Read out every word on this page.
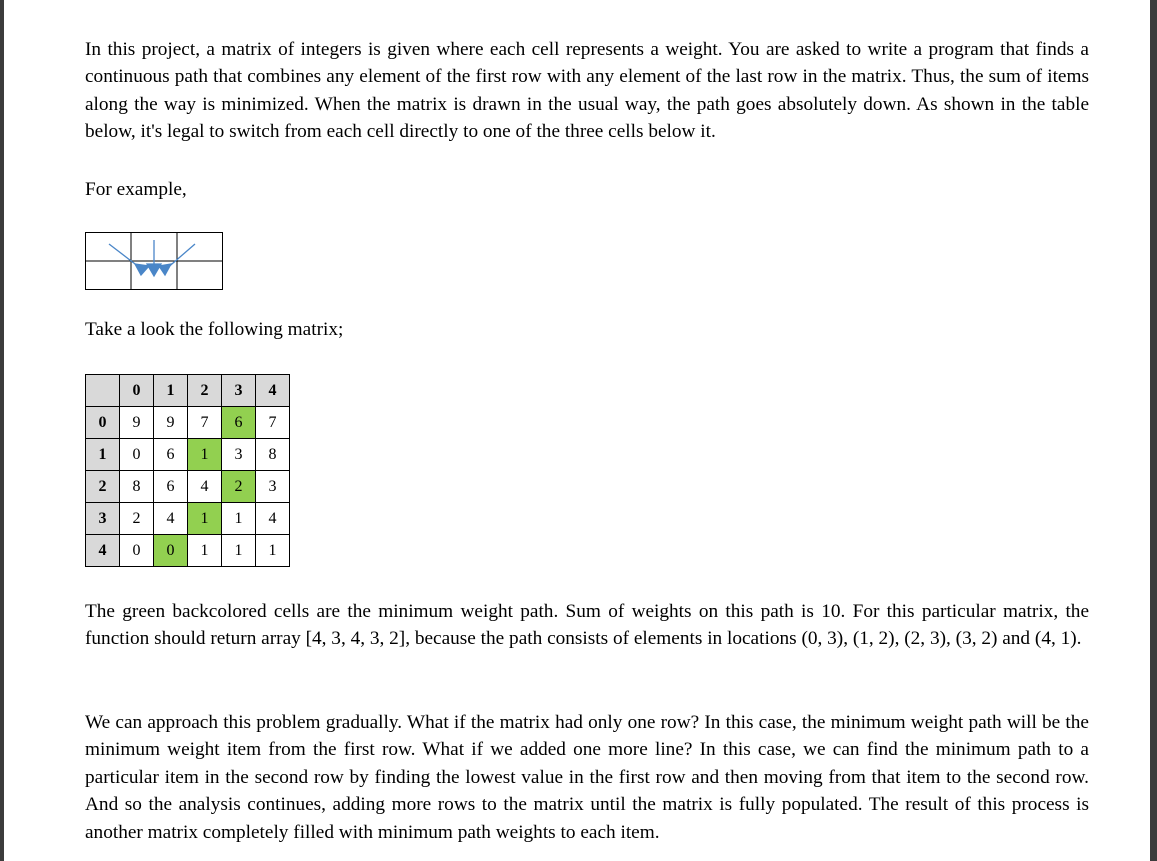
In this project, a matrix of integers is given where each cell represents a weight. You are asked to write a program that finds a continuous path that combines any element of the first row with any element of the last row in the matrix. Thus, the sum of items along the way is minimized. When the matrix is drawn in the usual way, the path goes absolutely down. As shown in the table below, it's legal to switch from each cell directly to one of the three cells below it.

For example,

Take a look the following matrix;

	0	1	2	3	4
0	9	9	7	6	7
1	0	6	1	3	8
2	8	6	4	2	3
3	2	4	1	1	4
4	0	0	1	1	1

The green backcolored cells are the minimum weight path. Sum of weights on this path is 10. For this particular matrix, the function should return array [4, 3, 4, 3, 2], because the path consists of elements in locations (0, 3), (1, 2), (2, 3), (3, 2) and (4, 1).

We can approach this problem gradually. What if the matrix had only one row? In this case, the minimum weight path will be the minimum weight item from the first row. What if we added one more line? In this case, we can find the minimum path to a particular item in the second row by finding the lowest value in the first row and then moving from that item to the second row. And so the analysis continues, adding more rows to the matrix until the matrix is fully populated. The result of this process is another matrix completely filled with minimum path weights to each item.
